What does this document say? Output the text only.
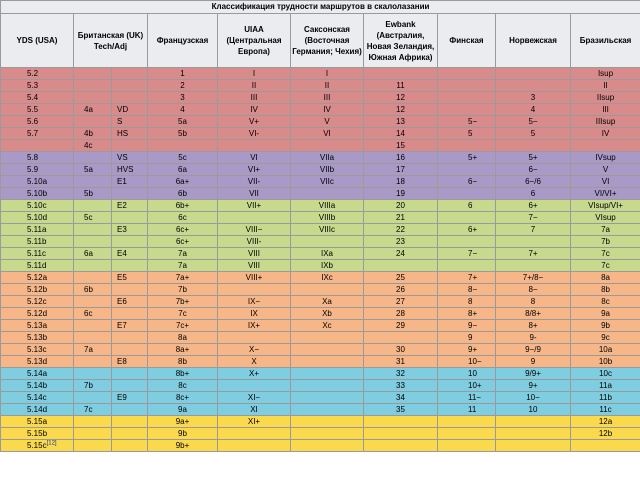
Классификация трудности маршрутов в скалолазании									
YDS (USA)	Британская (UK) Tech/Adj		Французская	UIAA (Центральная Европа)	Саксонская (Восточная Германия; Чехия)	Ewbank (Австралия, Новая Зеландия, Южная Африка)	Финская	Норвежская	Бразильская
5.2			1	I	I				Isup
5.3			2	II	II	11			II
5.4			3	III	III	12		3	IIsup
5.5	4a	VD	4	IV	IV	12		4	III
5.6		S	5a	V+	V	13	5−	5−	IIIsup
5.7	4b	HS	5b	VI-	VI	14	5	5	IV
	4c					15			
5.8		VS	5c	VI	VIIa	16	5+	5+	IVsup
5.9	5a	HVS	6a	VI+	VIIb	17		6−	V
5.10a		E1	6a+	VII-	VIIc	18	6−	6−/6	VI
5.10b	5b		6b	VII		19		6	VI/VI+
5.10c		E2	6b+	VII+	VIIIa	20	6	6+	VIsup/VI+
5.10d	5c		6c		VIIIb	21		7−	VIsup
5.11a		E3	6c+	VIII−	VIIIc	22	6+	7	7a
5.11b			6c+	VIII-		23			7b
5.11c	6a	E4	7a	VIII	IXa	24	7−	7+	7c
5.11d			7a	VIII	IXb				7c
5.12a		E5	7a+	VIII+	IXc	25	7+	7+/8−	8a
5.12b	6b		7b			26	8−	8−	8b
5.12c		E6	7b+	IX−	Xa	27	8	8	8c
5.12d	6c		7c	IX	Xb	28	8+	8/8+	9a
5.13a		E7	7c+	IX+	Xc	29	9−	8+	9b
5.13b			8a				9	9-	9c
5.13c	7a		8a+	X−		30	9+	9−/9	10a
5.13d		E8	8b	X		31	10−	9	10b
5.14a			8b+	X+		32	10	9/9+	10c
5.14b	7b		8c			33	10+	9+	11a
5.14c		E9	8c+	XI−		34	11−	10−	11b
5.14d	7c		9a	XI		35	11	10	11c
5.15a			9a+	XI+					12a
5.15b			9b						12b
5.15c[12]			9b+						
